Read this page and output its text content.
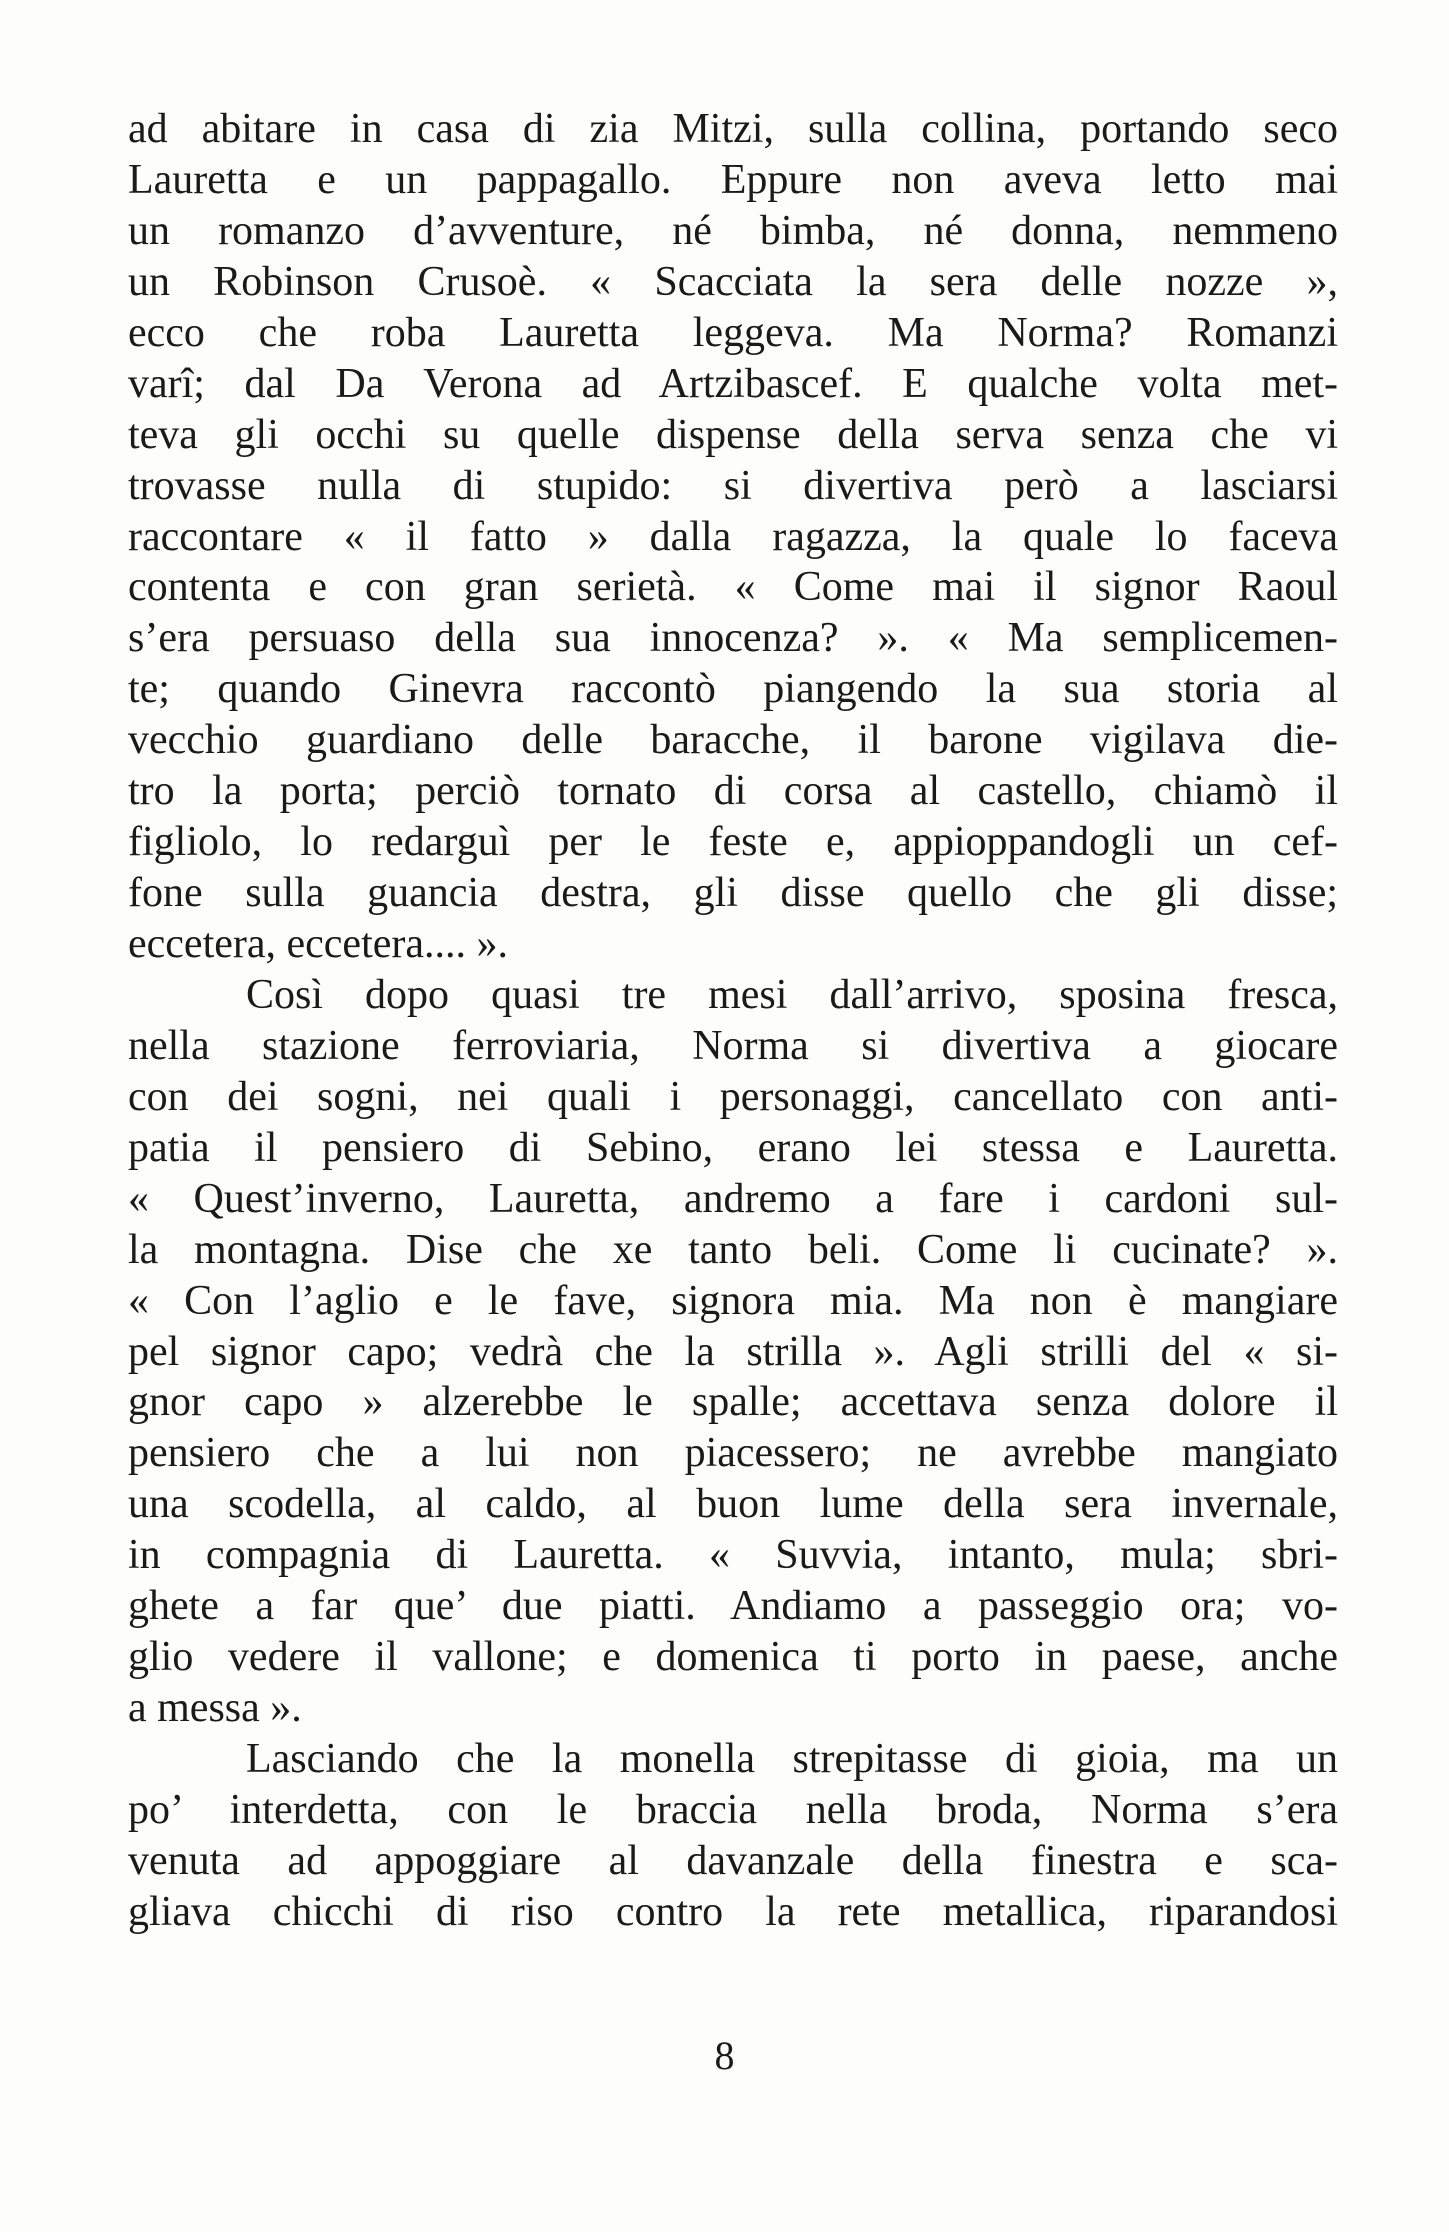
ad abitare in casa di zia Mitzi, sulla collina, portando seco
Lauretta e un pappagallo. Eppure non aveva letto mai
un romanzo d’avventure, né bimba, né donna, nemmeno
un Robinson Crusoè. « Scacciata la sera delle nozze »,
ecco che roba Lauretta leggeva. Ma Norma? Romanzi
varî; dal Da Verona ad Artzibascef. E qualche volta met-
teva gli occhi su quelle dispense della serva senza che vi
trovasse nulla di stupido: si divertiva però a lasciarsi
raccontare « il fatto » dalla ragazza, la quale lo faceva
contenta e con gran serietà. « Come mai il signor Raoul
s’era persuaso della sua innocenza? ». « Ma semplicemen-
te; quando Ginevra raccontò piangendo la sua storia al
vecchio guardiano delle baracche, il barone vigilava die-
tro la porta; perciò tornato di corsa al castello, chiamò il
figliolo, lo redarguì per le feste e, appioppandogli un cef-
fone sulla guancia destra, gli disse quello che gli disse;
eccetera, eccetera.... ».
Così dopo quasi tre mesi dall’arrivo, sposina fresca,
nella stazione ferroviaria, Norma si divertiva a giocare
con dei sogni, nei quali i personaggi, cancellato con anti-
patia il pensiero di Sebino, erano lei stessa e Lauretta.
« Quest’inverno, Lauretta, andremo a fare i cardoni sul-
la montagna. Dise che xe tanto beli. Come li cucinate? ».
« Con l’aglio e le fave, signora mia. Ma non è mangiare
pel signor capo; vedrà che la strilla ». Agli strilli del « si-
gnor capo » alzerebbe le spalle; accettava senza dolore il
pensiero che a lui non piacessero; ne avrebbe mangiato
una scodella, al caldo, al buon lume della sera invernale,
in compagnia di Lauretta. « Suvvia, intanto, mula; sbri-
ghete a far que’ due piatti. Andiamo a passeggio ora; vo-
glio vedere il vallone; e domenica ti porto in paese, anche
a messa ».
Lasciando che la monella strepitasse di gioia, ma un
po’ interdetta, con le braccia nella broda, Norma s’era
venuta ad appoggiare al davanzale della finestra e sca-
gliava chicchi di riso contro la rete metallica, riparandosi
8
